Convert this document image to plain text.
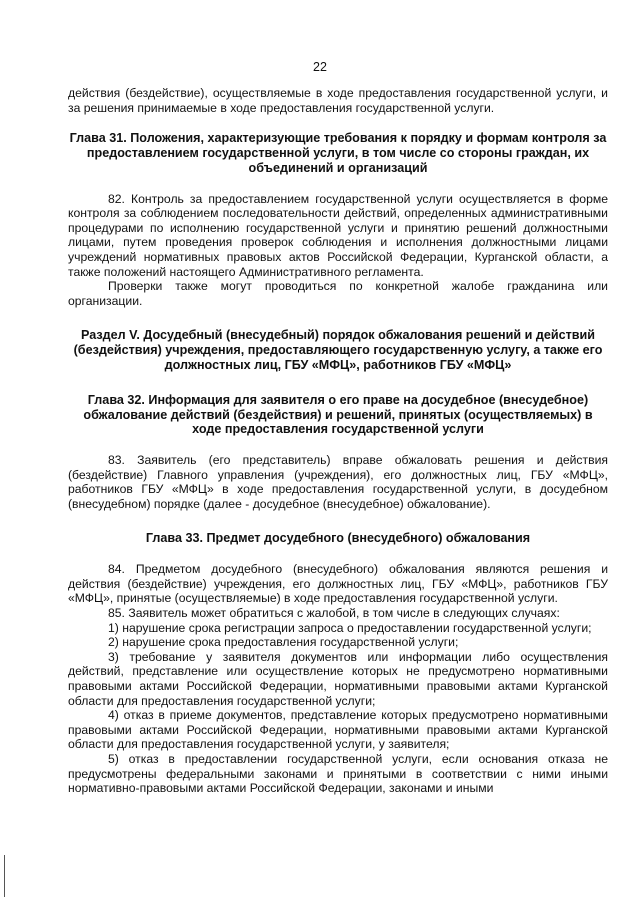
22

действия (бездействие), осуществляемые в ходе предоставления государственной услуги, и за решения принимаемые в ходе предоставления государственной услуги.

Глава 31. Положения, характеризующие требования к порядку и формам контроля за предоставлением государственной услуги, в том числе со стороны граждан, их объединений и организаций

82. Контроль за предоставлением государственной услуги осуществляется в форме контроля за соблюдением последовательности действий, определенных административными процедурами по исполнению государственной услуги и принятию решений должностными лицами, путем проведения проверок соблюдения и исполнения должностными лицами учреждений нормативных правовых актов Российской Федерации, Курганской области, а также положений настоящего Административного регламента.

Проверки также могут проводиться по конкретной жалобе гражданина или организации.

Раздел V. Досудебный (внесудебный) порядок обжалования решений и действий (бездействия) учреждения, предоставляющего государственную услугу, а также его должностных лиц, ГБУ «МФЦ», работников ГБУ «МФЦ»
Глава 32. Информация для заявителя о его праве на досудебное (внесудебное) обжалование действий (бездействия) и решений, принятых (осуществляемых) в ходе предоставления государственной услуги

83. Заявитель (его представитель) вправе обжаловать решения и действия (бездействие) Главного управления (учреждения), его должностных лиц, ГБУ «МФЦ», работников ГБУ «МФЦ» в ходе предоставления государственной услуги, в досудебном (внесудебном) порядке (далее - досудебное (внесудебное) обжалование).

Глава 33. Предмет досудебного (внесудебного) обжалования

84. Предметом досудебного (внесудебного) обжалования являются решения и действия (бездействие) учреждения, его должностных лиц, ГБУ «МФЦ», работников ГБУ «МФЦ», принятые (осуществляемые) в ходе предоставления государственной услуги.

85. Заявитель может обратиться с жалобой, в том числе в следующих случаях:

1) нарушение срока регистрации запроса о предоставлении государственной услуги;

2) нарушение срока предоставления государственной услуги;

3) требование у заявителя документов или информации либо осуществления действий, представление или осуществление которых не предусмотрено нормативными правовыми актами Российской Федерации, нормативными правовыми актами Курганской области для предоставления государственной услуги;

4) отказ в приеме документов, представление которых предусмотрено нормативными правовыми актами Российской Федерации, нормативными правовыми актами Курганской области для предоставления государственной услуги, у заявителя;

5) отказ в предоставлении государственной услуги, если основания отказа не предусмотрены федеральными законами и принятыми в соответствии с ними иными нормативно-правовыми актами Российской Федерации, законами и иными
